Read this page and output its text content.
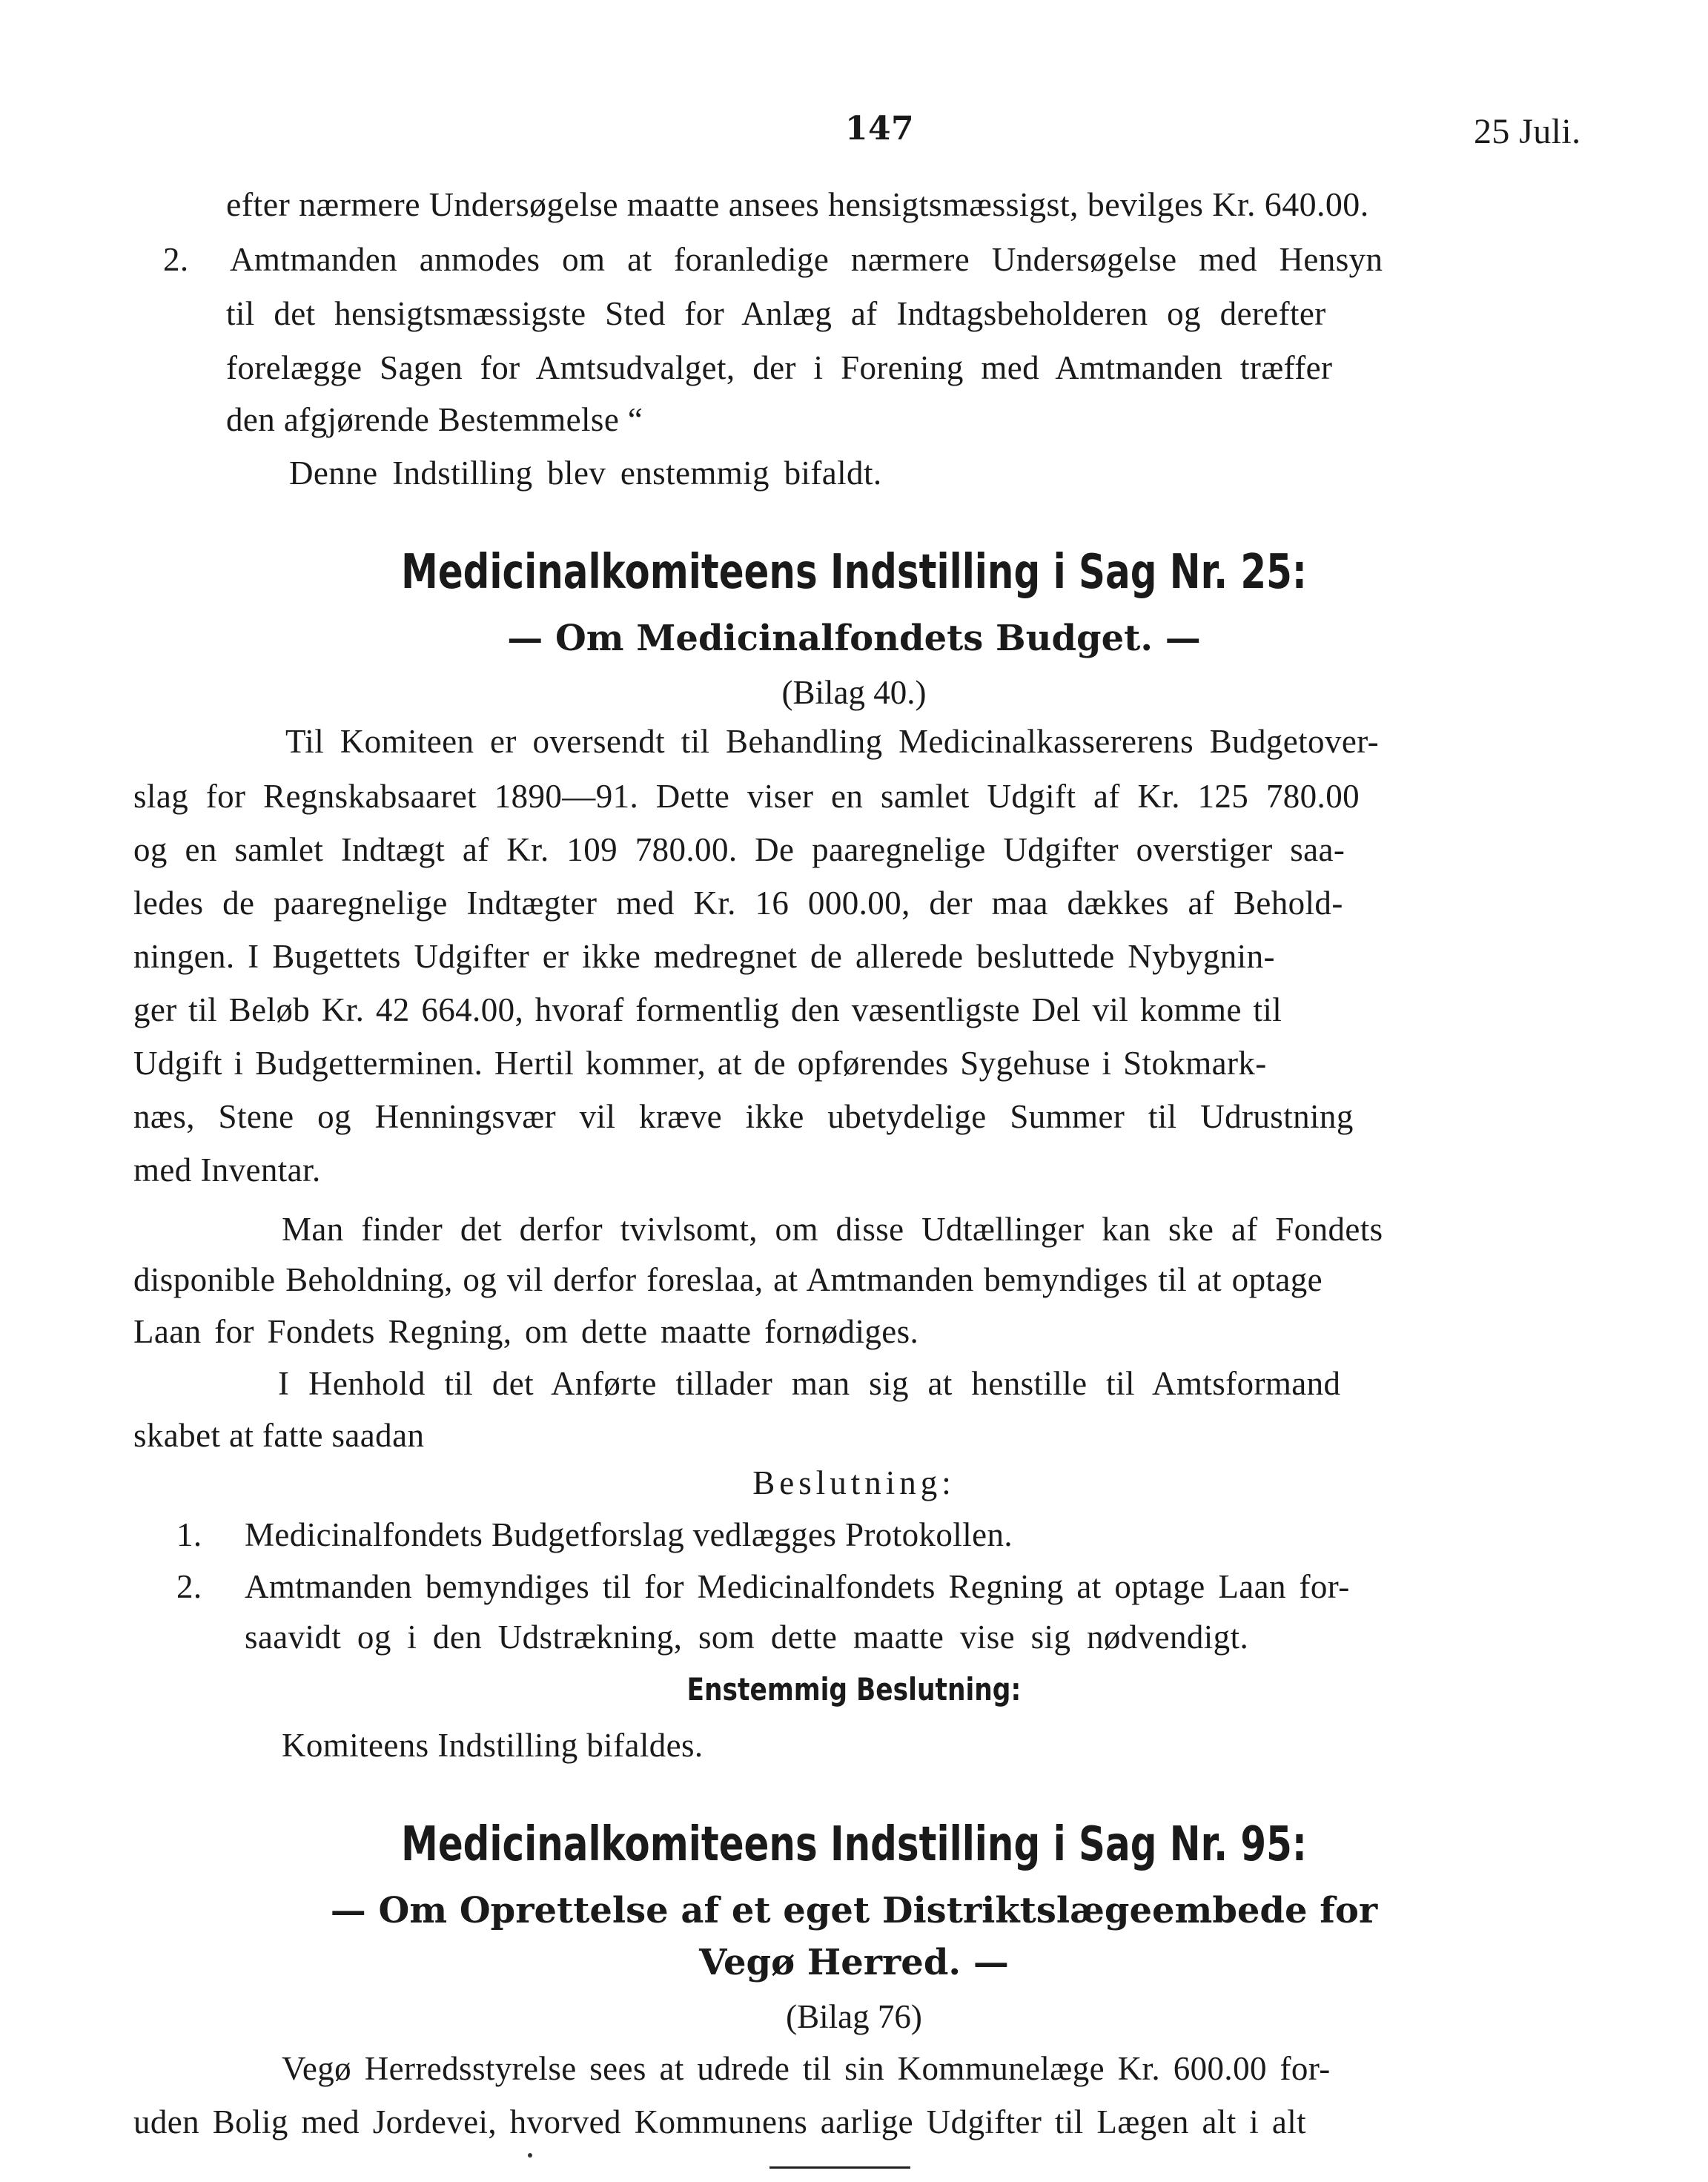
147	25 Juli.
efter nærmere Undersøgelse maatte ansees hensigtsmæssigst, bevilges Kr. 640.00.
2. Amtmanden anmodes om at foranledige nærmere Undersøgelse med Hensyn
til det hensigtsmæssigste Sted for Anlæg af Indtagsbeholderen og derefter
forelægge Sagen for Amtsudvalget, der i Forening med Amtmanden træffer
den afgjørende Bestemmelse “
Denne Indstilling blev enstemmig bifaldt.
Medicinalkomiteens Indstilling i Sag Nr. 25:
— Om Medicinalfondets Budget. —
(Bilag 40.)
Til Komiteen er oversendt til Behandling Medicinalkassererens Budgetover-
slag for Regnskabsaaret 1890—91. Dette viser en samlet Udgift af Kr. 125 780.00
og en samlet Indtægt af Kr. 109 780.00. De paaregnelige Udgifter overstiger saa-
ledes de paaregnelige Indtægter med Kr. 16 000.00, der maa dækkes af Behold-
ningen. I Bugettets Udgifter er ikke medregnet de allerede besluttede Nybygnin-
ger til Beløb Kr. 42 664.00, hvoraf formentlig den væsentligste Del vil komme til
Udgift i Budgetterminen. Hertil kommer, at de opførendes Sygehuse i Stokmark-
næs, Stene og Henningsvær vil kræve ikke ubetydelige Summer til Udrustning
med Inventar.
Man finder det derfor tvivlsomt, om disse Udtællinger kan ske af Fondets
disponible Beholdning, og vil derfor foreslaa, at Amtmanden bemyndiges til at optage
Laan for Fondets Regning, om dette maatte fornødiges.
I Henhold til det Anførte tillader man sig at henstille til Amtsformand
skabet at fatte saadan
Beslutning:
1. Medicinalfondets Budgetforslag vedlægges Protokollen.
2. Amtmanden bemyndiges til for Medicinalfondets Regning at optage Laan for-
saavidt og i den Udstrækning, som dette maatte vise sig nødvendigt.
Enstemmig Beslutning:
Komiteens Indstilling bifaldes.
Medicinalkomiteens Indstilling i Sag Nr. 95:
— Om Oprettelse af et eget Distriktslægeembede for
Vegø Herred. —
(Bilag 76)
Vegø Herredsstyrelse sees at udrede til sin Kommunelæge Kr. 600.00 for-
uden Bolig med Jordevei, hvorved Kommunens aarlige Udgifter til Lægen alt i alt
